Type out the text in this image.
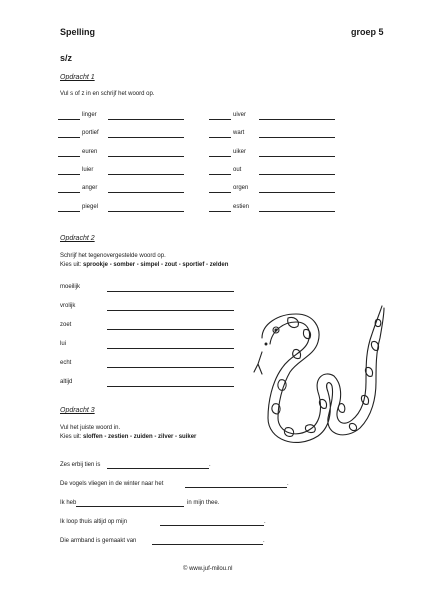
Spelling	groep 5
s/z
Opdracht 1
Vul s of z in en schrijf het woord op.
linger
portief
euren
luier
anger
piegel
uiver
wart
uiker
out
orgen
estien
Opdracht 2
Schrijf het tegenovergestelde woord op.
Kies uit: sprookje - somber - simpel - zout - sportief - zelden
moeilijk
vrolijk
zoet
lui
echt
altijd
Opdracht 3
Vul het juiste woord in.
Kies uit: sloffen - zestien - zuiden - zilver - suiker
Zes erbij tien is	.
De vogels vliegen in de winter naar het	.
Ik heb	in mijn thee.
Ik loop thuis altijd op mijn	.
Die armband is gemaakt van	.
© www.juf-milou.nl
